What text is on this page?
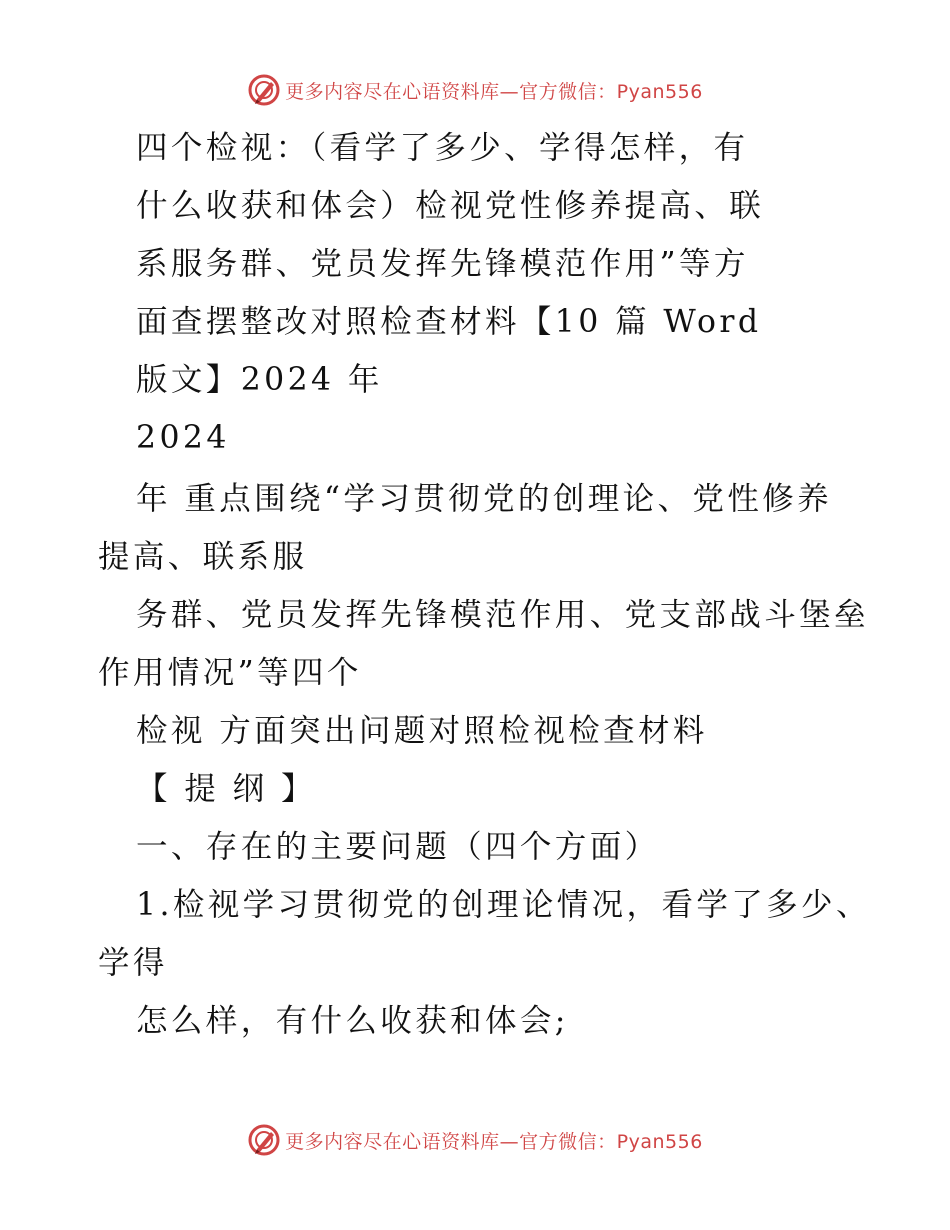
更多内容尽在心语资料库—官方微信：Pyan556
四个检视：（看学了多少、学得怎样，有
什么收获和体会）检视党性修养提高、联
系服务群、党员发挥先锋模范作用”等方
面查摆整改对照检查材料【10 篇 Word
版文】2024 年
2024
年 重点围绕“学习贯彻党的创理论、党性修养
提高、联系服
务群、党员发挥先锋模范作用、党支部战斗堡垒
作用情况”等四个
检视 方面突出问题对照检视检查材料
【 提 纲 】
一、存在的主要问题（四个方面）
1.检视学习贯彻党的创理论情况，看学了多少、
学得
怎么样，有什么收获和体会;
更多内容尽在心语资料库—官方微信：Pyan556
